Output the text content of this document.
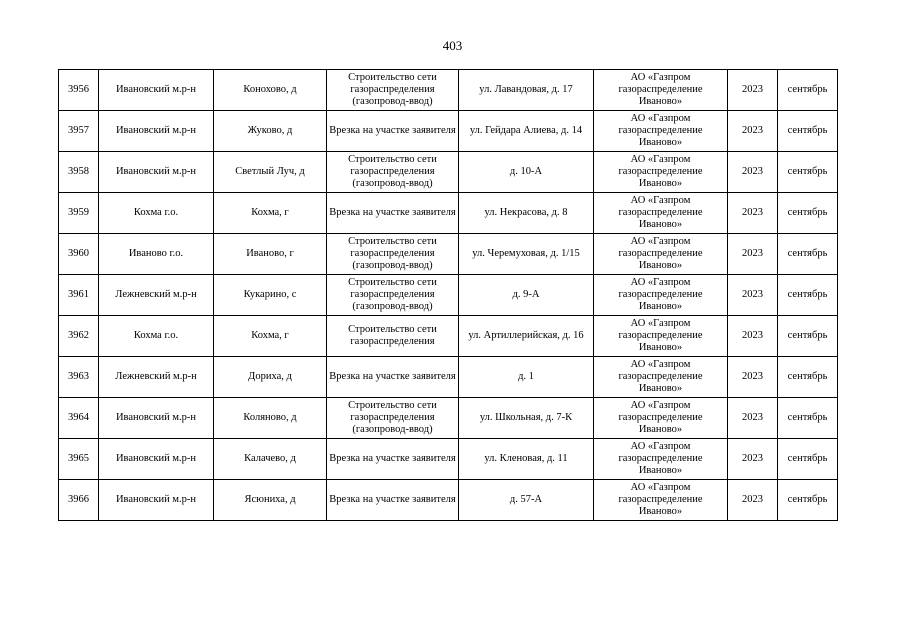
403
3956	Ивановский м.р-н	Конохово, д	Строительство сети газораспределения (газопровод-ввод)	ул. Лавандовая, д. 17	АО «Газпром газораспределение Иваново»	2023	сентябрь
3957	Ивановский м.р-н	Жуково, д	Врезка на участке заявителя	ул. Гейдара Алиева, д. 14	АО «Газпром газораспределение Иваново»	2023	сентябрь
3958	Ивановский м.р-н	Светлый Луч, д	Строительство сети газораспределения (газопровод-ввод)	д. 10-А	АО «Газпром газораспределение Иваново»	2023	сентябрь
3959	Кохма г.о.	Кохма, г	Врезка на участке заявителя	ул. Некрасова, д. 8	АО «Газпром газораспределение Иваново»	2023	сентябрь
3960	Иваново г.о.	Иваново, г	Строительство сети газораспределения (газопровод-ввод)	ул. Черемуховая, д. 1/15	АО «Газпром газораспределение Иваново»	2023	сентябрь
3961	Лежневский м.р-н	Кукарино, с	Строительство сети газораспределения (газопровод-ввод)	д. 9-А	АО «Газпром газораспределение Иваново»	2023	сентябрь
3962	Кохма г.о.	Кохма, г	Строительство сети газораспределения	ул. Артиллерийская, д. 16	АО «Газпром газораспределение Иваново»	2023	сентябрь
3963	Лежневский м.р-н	Дориха, д	Врезка на участке заявителя	д. 1	АО «Газпром газораспределение Иваново»	2023	сентябрь
3964	Ивановский м.р-н	Коляново, д	Строительство сети газораспределения (газопровод-ввод)	ул. Школьная, д. 7-К	АО «Газпром газораспределение Иваново»	2023	сентябрь
3965	Ивановский м.р-н	Калачево, д	Врезка на участке заявителя	ул. Кленовая, д. 11	АО «Газпром газораспределение Иваново»	2023	сентябрь
3966	Ивановский м.р-н	Ясюниха, д	Врезка на участке заявителя	д. 57-А	АО «Газпром газораспределение Иваново»	2023	сентябрь
